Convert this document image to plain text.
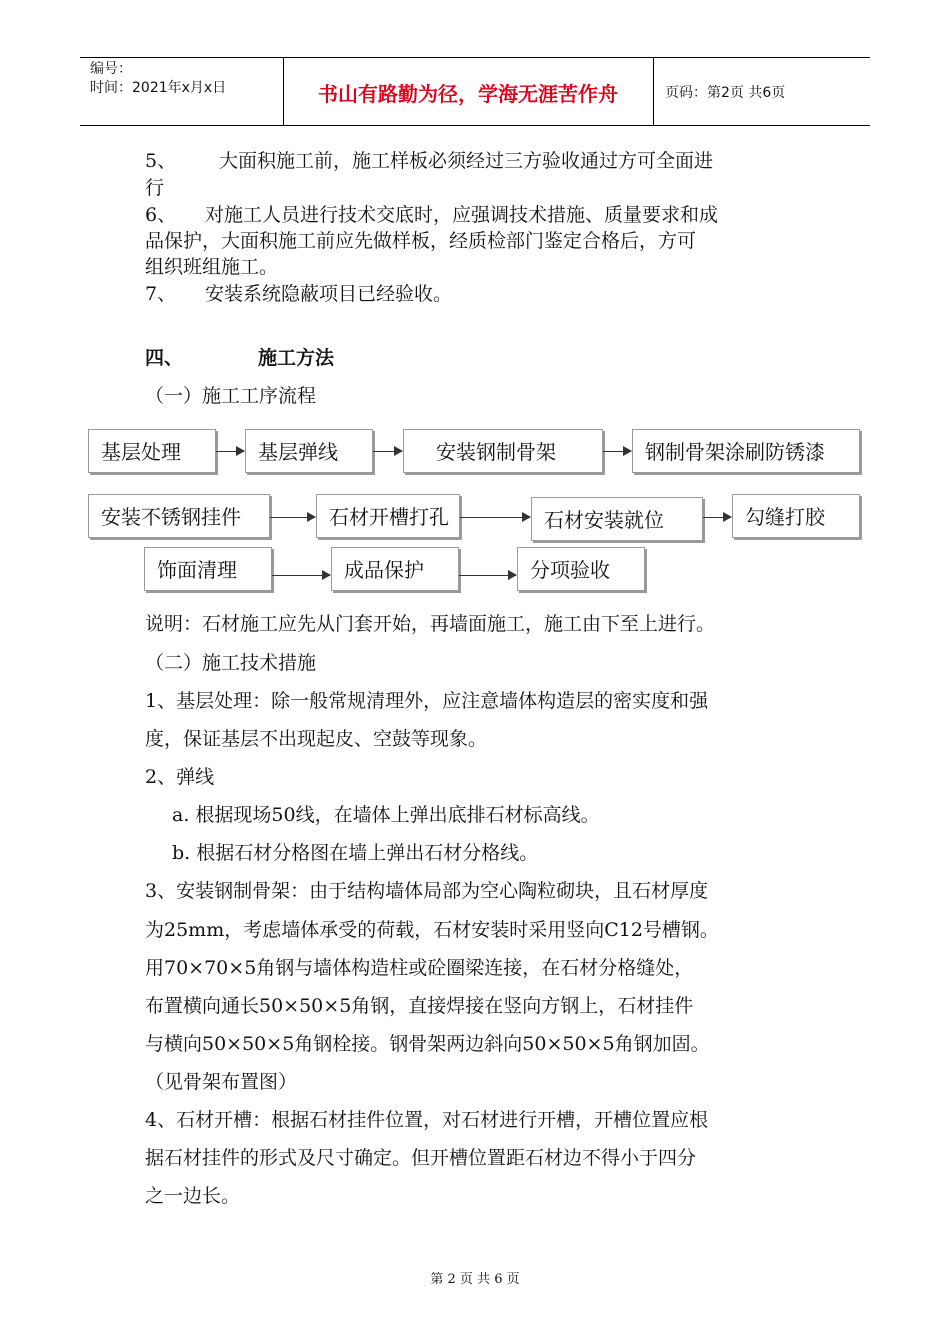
编号：
时间：2021年x月x日	书山有路勤为径，学海无涯苦作舟	页码：第2页 共6页
5、 大面积施工前，施工样板必须经过三方验收通过方可全面进
行
6、 对施工人员进行技术交底时，应强调技术措施、质量要求和成
品保护，大面积施工前应先做样板，经质检部门鉴定合格后，方可
组织班组施工。
7、 安装系统隐蔽项目已经验收。
四、	施工方法
（一）施工工序流程
基层处理	基层弹线	安装钢制骨架	钢制骨架涂刷防锈漆
安装不锈钢挂件	石材开槽打孔	石材安装就位	勾缝打胶
饰面清理	成品保护	分项验收
说明：石材施工应先从门套开始，再墙面施工，施工由下至上进行。
（二）施工技术措施
1、基层处理：除一般常规清理外，应注意墙体构造层的密实度和强
度，保证基层不出现起皮、空鼓等现象。
2、弹线
a. 根据现场50线，在墙体上弹出底排石材标高线。
b. 根据石材分格图在墙上弹出石材分格线。
3、安装钢制骨架：由于结构墙体局部为空心陶粒砌块，且石材厚度
为25mm，考虑墙体承受的荷载，石材安装时采用竖向C12号槽钢。
用70×70×5角钢与墙体构造柱或砼圈梁连接，在石材分格缝处，
布置横向通长50×50×5角钢，直接焊接在竖向方钢上，石材挂件
与横向50×50×5角钢栓接。钢骨架两边斜向50×50×5角钢加固。
（见骨架布置图）
4、石材开槽：根据石材挂件位置，对石材进行开槽，开槽位置应根
据石材挂件的形式及尺寸确定。但开槽位置距石材边不得小于四分
之一边长。
第 2 页 共 6 页
